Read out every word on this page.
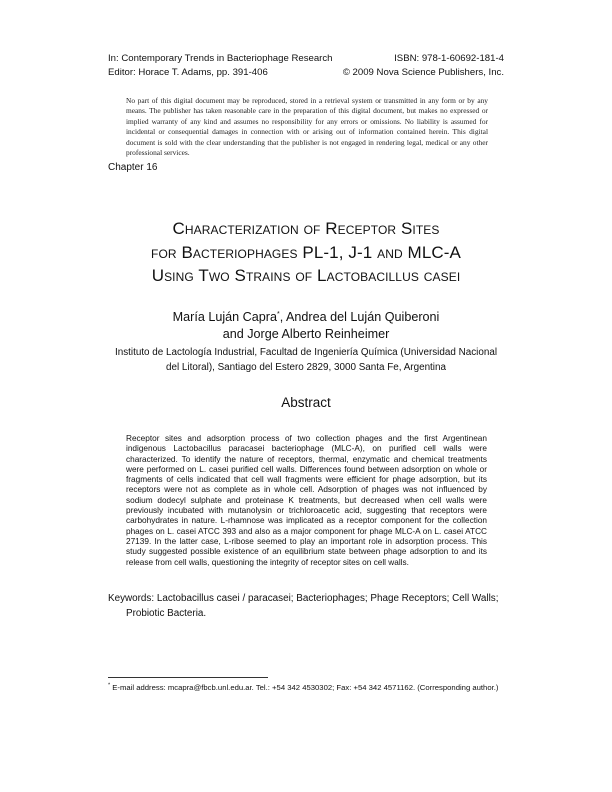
In: Contemporary Trends in Bacteriophage Research	ISBN: 978-1-60692-181-4
Editor: Horace T. Adams, pp. 391-406	© 2009 Nova Science Publishers, Inc.
No part of this digital document may be reproduced, stored in a retrieval system or transmitted in any form or by any means. The publisher has taken reasonable care in the preparation of this digital document, but makes no expressed or implied warranty of any kind and assumes no responsibility for any errors or omissions. No liability is assumed for incidental or consequential damages in connection with or arising out of information contained herein. This digital document is sold with the clear understanding that the publisher is not engaged in rendering legal, medical or any other professional services.
Chapter 16
Characterization of Receptor Sites
for Bacteriophages PL-1, J-1 and MLC-A
Using Two Strains of Lactobacillus casei
María Luján Capra*, Andrea del Luján Quiberoni
and Jorge Alberto Reinheimer
Instituto de Lactología Industrial, Facultad de Ingeniería Química (Universidad Nacional del Litoral), Santiago del Estero 2829, 3000 Santa Fe, Argentina
Abstract
Receptor sites and adsorption process of two collection phages and the first Argentinean indigenous Lactobacillus paracasei bacteriophage (MLC-A), on purified cell walls were characterized. To identify the nature of receptors, thermal, enzymatic and chemical treatments were performed on L. casei purified cell walls. Differences found between adsorption on whole or fragments of cells indicated that cell wall fragments were efficient for phage adsorption, but its receptors were not as complete as in whole cell. Adsorption of phages was not influenced by sodium dodecyl sulphate and proteinase K treatments, but decreased when cell walls were previously incubated with mutanolysin or trichloroacetic acid, suggesting that receptors were carbohydrates in nature. L-rhamnose was implicated as a receptor component for the collection phages on L. casei ATCC 393 and also as a major component for phage MLC-A on L. casei ATCC 27139. In the latter case, L-ribose seemed to play an important role in adsorption process. This study suggested possible existence of an equilibrium state between phage adsorption to and its release from cell walls, questioning the integrity of receptor sites on cell walls.
Keywords: Lactobacillus casei / paracasei; Bacteriophages; Phage Receptors; Cell Walls;
Probiotic Bacteria.
* E-mail address: mcapra@fbcb.unl.edu.ar. Tel.: +54 342 4530302; Fax: +54 342 4571162. (Corresponding author.)
